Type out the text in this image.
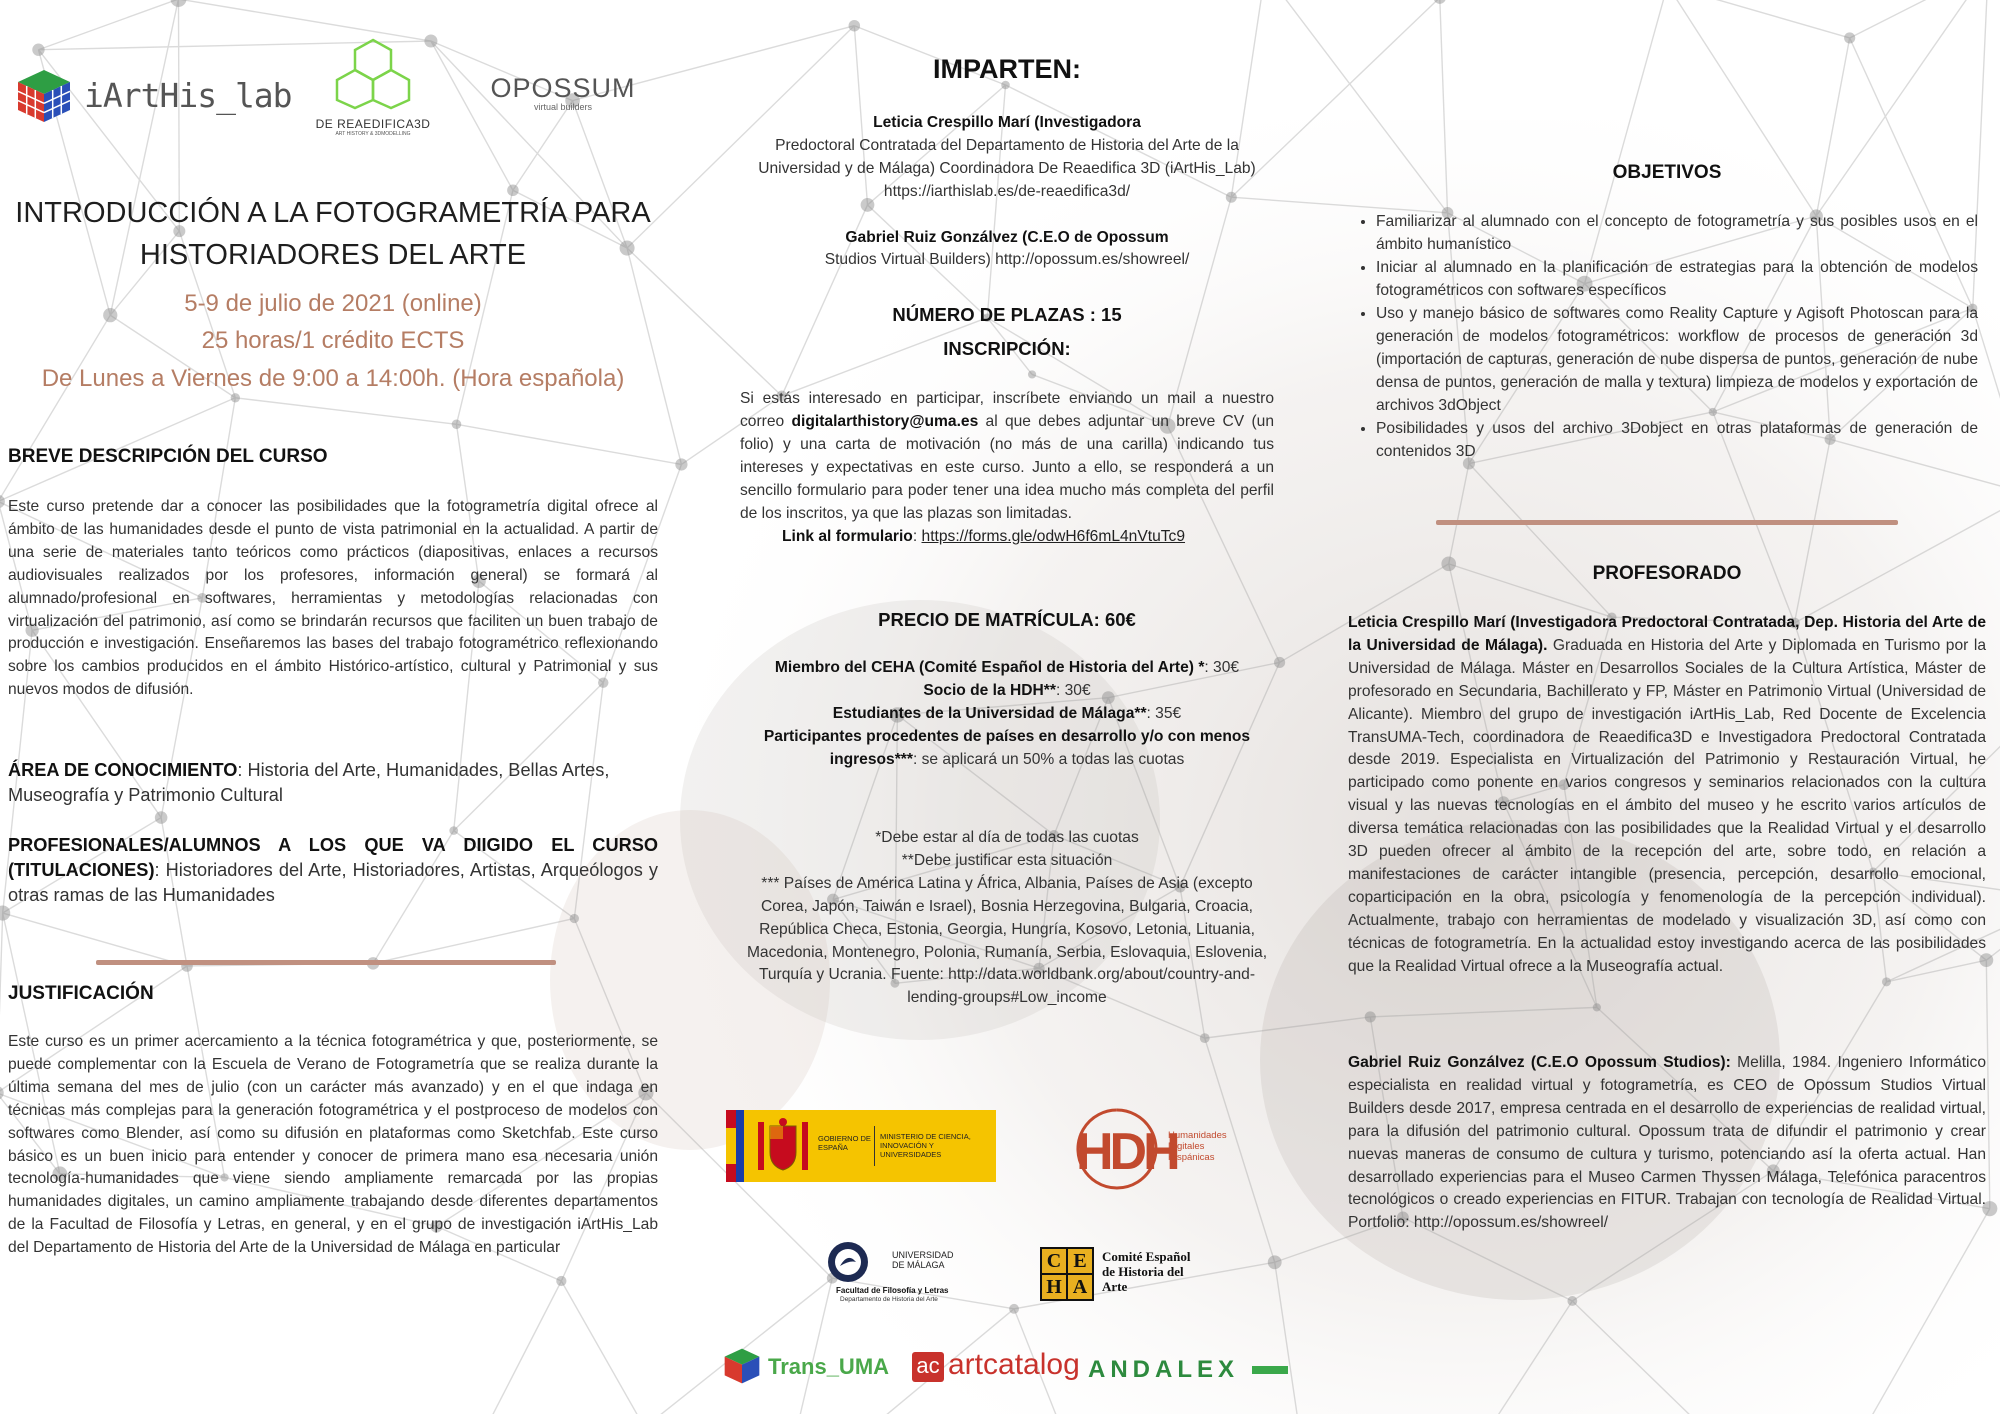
iArtHis_lab
DE REAEDIFICA3D
ART HISTORY & 3DMODELLING
OPOSSUM
virtual builders
INTRODUCCIÓN A LA FOTOGRAMETRÍA PARA
HISTORIADORES DEL ARTE
5-9 de julio de 2021 (online)
25 horas/1 crédito ECTS
De Lunes a Viernes de 9:00 a 14:00h. (Hora española)
BREVE DESCRIPCIÓN DEL CURSO
Este curso pretende dar a conocer las posibilidades que la fotogrametría digital ofrece al ámbito de las humanidades desde el punto de vista patrimonial en la actualidad. A partir de una serie de materiales tanto teóricos como prácticos (diapositivas, enlaces a recursos audiovisuales realizados por los profesores, información general) se formará al alumnado/profesional en softwares, herramientas y metodologías relacionadas con virtualización del patrimonio, así como se brindarán recursos que faciliten un buen trabajo de producción e investigación. Enseñaremos las bases del trabajo fotogramétrico reflexionando sobre los cambios producidos en el ámbito Histórico-artístico, cultural y Patrimonial y sus nuevos modos de difusión.
ÁREA DE CONOCIMIENTO: Historia del Arte, Humanidades, Bellas Artes, Museografía y Patrimonio Cultural
PROFESIONALES/ALUMNOS A LOS QUE VA DIIGIDO EL CURSO (TITULACIONES): Historiadores del Arte, Historiadores, Artistas, Arqueólogos y otras ramas de las Humanidades
JUSTIFICACIÓN
Este curso es un primer acercamiento a la técnica fotogramétrica y que, posteriormente, se puede complementar con la Escuela de Verano de Fotogrametría que se realiza durante la última semana del mes de julio (con un carácter más avanzado) y en el que indaga en técnicas más complejas para la generación fotogramétrica y el postproceso de modelos con softwares como Blender, así como su difusión en plataformas como Sketchfab. Este curso básico es un buen inicio para entender y conocer de primera mano esa necesaria unión tecnología-humanidades que viene siendo ampliamente remarcada por las propias humanidades digitales, un camino ampliamente trabajando desde diferentes departamentos de la Facultad de Filosofía y Letras, en general, y en el grupo de investigación iArtHis_Lab del Departamento de Historia del Arte de la Universidad de Málaga en particular
IMPARTEN:
Leticia Crespillo Marí (Investigadora
Predoctoral Contratada del Departamento de Historia del Arte de la
Universidad y de Málaga) Coordinadora De Reaedifica 3D (iArtHis_Lab)
https://iarthislab.es/de-reaedifica3d/

Gabriel Ruiz Gonzálvez (C.E.O de Opossum
Studios Virtual Builders) http://opossum.es/showreel/
NÚMERO DE PLAZAS : 15
INSCRIPCIÓN:
Si estás interesado en participar, inscríbete enviando un mail a nuestro correo digitalarthistory@uma.es al que debes adjuntar un breve CV (un folio) y una carta de motivación (no más de una carilla) indicando tus intereses y expectativas en este curso. Junto a ello, se responderá a un sencillo formulario para poder tener una idea mucho más completa del perfil de los inscritos, ya que las plazas son limitadas.
Link al formulario: https://forms.gle/odwH6f6mL4nVtuTc9
PRECIO DE MATRÍCULA: 60€
Miembro del CEHA (Comité Español de Historia del Arte) *: 30€
Socio de la HDH**: 30€
Estudiantes de la Universidad de Málaga**: 35€
Participantes procedentes de países en desarrollo y/o con menos
ingresos***: se aplicará un 50% a todas las cuotas
*Debe estar al día de todas las cuotas
**Debe justificar esta situación
*** Países de América Latina y África, Albania, Países de Asia (excepto Corea, Japón, Taiwán e Israel), Bosnia Herzegovina, Bulgaria, Croacia, República Checa, Estonia, Georgia, Hungría, Kosovo, Letonia, Lituania, Macedonia, Montenegro, Polonia, Rumanía, Serbia, Eslovaquia, Eslovenia, Turquía y Ucrania. Fuente: http://data.worldbank.org/about/country-and-lending-groups#Low_income
GOBIERNO DE ESPAÑA
MINISTERIO DE CIENCIA, INNOVACIÓN Y UNIVERSIDADES	HDH
Humanidades Digitales Hispánicas
UNIVERSIDAD
DE MÁLAGA
Facultad de Filosofía y Letras
Departamento de Historia del Arte
C E
H A
Comité Español de Historia del Arte
Trans_UMA ac artcatalog ANDALEX
OBJETIVOS
• Familiarizar al alumnado con el concepto de fotogrametría y sus posibles usos en el ámbito humanístico
• Iniciar al alumnado en la planificación de estrategias para la obtención de modelos fotogramétricos con softwares específicos
• Uso y manejo básico de softwares como Reality Capture y Agisoft Photoscan para la generación de modelos fotogramétricos: workflow de procesos de generación 3d (importación de capturas, generación de nube dispersa de puntos, generación de nube densa de puntos, generación de malla y textura) limpieza de modelos y exportación de archivos 3dObject
• Posibilidades y usos del archivo 3Dobject en otras plataformas de generación de contenidos 3D
PROFESORADO
Leticia Crespillo Marí (Investigadora Predoctoral Contratada, Dep. Historia del Arte de la Universidad de Málaga). Graduada en Historia del Arte y Diplomada en Turismo por la Universidad de Málaga. Máster en Desarrollos Sociales de la Cultura Artística, Máster de profesorado en Secundaria, Bachillerato y FP, Máster en Patrimonio Virtual (Universidad de Alicante). Miembro del grupo de investigación iArtHis_Lab, Red Docente de Excelencia TransUMA-Tech, coordinadora de Reaedifica3D e Investigadora Predoctoral Contratada desde 2019. Especialista en Virtualización del Patrimonio y Restauración Virtual, he participado como ponente en varios congresos y seminarios relacionados con la cultura visual y las nuevas tecnologías en el ámbito del museo y he escrito varios artículos de diversa temática relacionadas con las posibilidades que la Realidad Virtual y el desarrollo 3D pueden ofrecer al ámbito de la recepción del arte, sobre todo, en relación a manifestaciones de carácter intangible (presencia, percepción, desarrollo emocional, coparticipación en la obra, psicología y fenomenología de la percepción individual). Actualmente, trabajo con herramientas de modelado y visualización 3D, así como con técnicas de fotogrametría. En la actualidad estoy investigando acerca de las posibilidades que la Realidad Virtual ofrece a la Museografía actual.
Gabriel Ruiz Gonzálvez (C.E.O Opossum Studios): Melilla, 1984. Ingeniero Informático especialista en realidad virtual y fotogrametría, es CEO de Opossum Studios Virtual Builders desde 2017, empresa centrada en el desarrollo de experiencias de realidad virtual, para la difusión del patrimonio cultural. Opossum trata de difundir el patrimonio y crear nuevas maneras de consumo de cultura y turismo, potenciando así la oferta actual. Han desarrollado experiencias para el Museo Carmen Thyssen Málaga, Telefónica paracentros tecnológicos o creado experiencias en FITUR. Trabajan con tecnología de Realidad Virtual. Portfolio: http://opossum.es/showreel/
